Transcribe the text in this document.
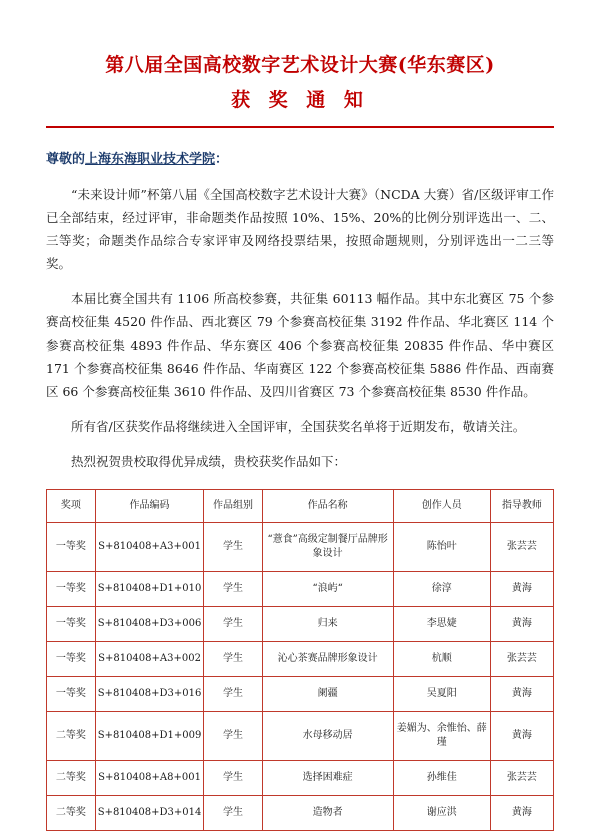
第八届全国高校数字艺术设计大赛(华东赛区)
获 奖 通 知
尊敬的上海东海职业技术学院：
“未来设计师”杯第八届《全国高校数字艺术设计大赛》（NCDA 大赛）省/区级评审工作已全部结束，经过评审，非命题类作品按照 10%、15%、20%的比例分别评选出一、二、三等奖；命题类作品综合专家评审及网络投票结果，按照命题规则，分别评选出一二三等奖。
本届比赛全国共有 1106 所高校参赛，共征集 60113 幅作品。其中东北赛区 75 个参赛高校征集 4520 件作品、西北赛区 79 个参赛高校征集 3192 件作品、华北赛区 114 个参赛高校征集 4893 件作品、华东赛区 406 个参赛高校征集 20835 件作品、华中赛区 171 个参赛高校征集 8646 件作品、华南赛区 122 个参赛高校征集 5886 件作品、西南赛区 66 个参赛高校征集 3610 件作品、及四川省赛区 73 个参赛高校征集 8530 件作品。
所有省/区获奖作品将继续进入全国评审，全国获奖名单将于近期发布，敬请关注。
热烈祝贺贵校取得优异成绩，贵校获奖作品如下：
奖项	作品编码	作品组别	作品名称	创作人员	指导教师
一等奖	S+810408+A3+001	学生	“薏食”高级定制餐厅品牌形象设计	陈怡叶	张芸芸
一等奖	S+810408+D1+010	学生	“浪屿“	徐淳	黄海
一等奖	S+810408+D3+006	学生	归来	李思婕	黄海
一等奖	S+810408+A3+002	学生	沁心茶赛品牌形象设计	杭顺	张芸芸
一等奖	S+810408+D3+016	学生	阑疆	吴夏阳	黄海
二等奖	S+810408+D1+009	学生	水母移动居	姜媚为、余惟怡、薛瑾	黄海
二等奖	S+810408+A8+001	学生	选择困难症	孙维佳	张芸芸
二等奖	S+810408+D3+014	学生	造物者	谢应洪	黄海
